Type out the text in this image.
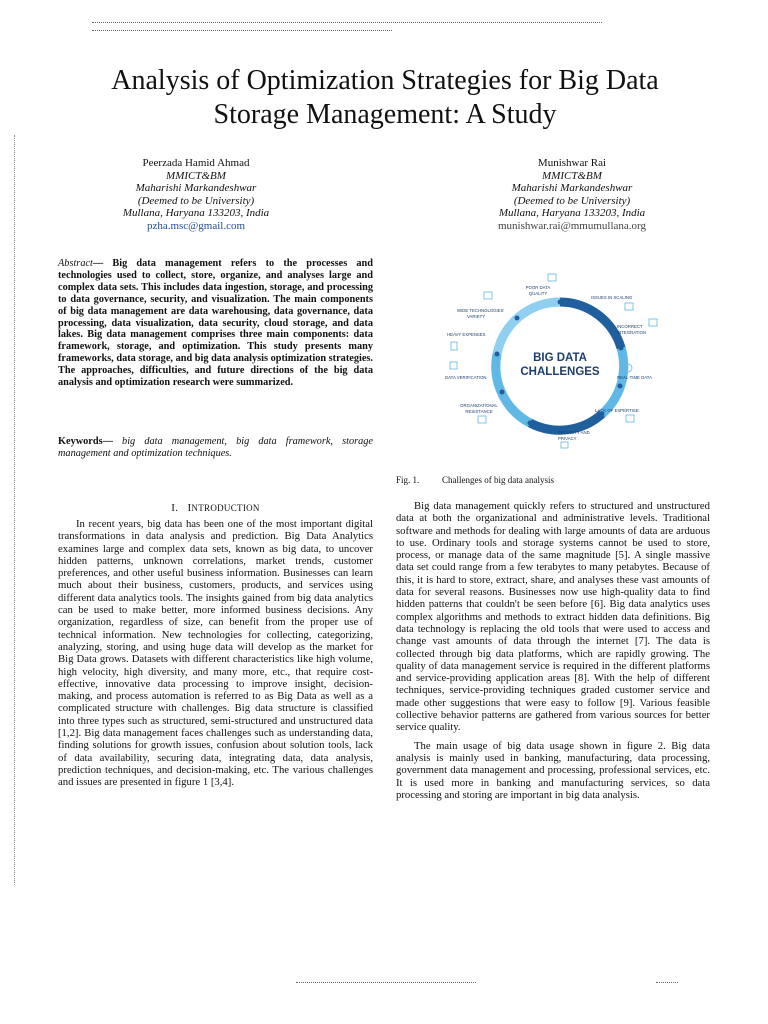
Analysis of Optimization Strategies for Big Data
Storage Management: A Study
Peerzada Hamid Ahmad
MMICT&BM
Maharishi Markandeshwar
(Deemed to be University)
Mullana, Haryana 133203, India
pzha.msc@gmail.com
Munishwar Rai
MMICT&BM
Maharishi Markandeshwar
(Deemed to be University)
Mullana, Haryana 133203, India
munishwar.rai@mmumullana.org

Abstract— Big data management refers to the processes and technologies used to collect, store, organize, and analyses large and complex data sets. This includes data ingestion, storage, and processing to data governance, security, and visualization. The main components of big data management are data warehousing, data governance, data processing, data visualization, data security, cloud storage, and data lakes. Big data management comprises three main components: data framework, storage, and optimization. This study presents many frameworks, data storage, and big data analysis optimization strategies. The approaches, difficulties, and future directions of the big data analysis and optimization research were summarized.

Keywords— big data management, big data framework, storage management and optimization techniques.

I. INTRODUCTION

In recent years, big data has been one of the most important digital transformations in data analysis and prediction. Big Data Analytics examines large and complex data sets, known as big data, to uncover hidden patterns, unknown correlations, market trends, customer preferences, and other useful business information. Businesses can learn much about their business, customers, products, and services using different data analytics tools. The insights gained from big data analytics can be used to make better, more informed business decisions. Any organization, regardless of size, can benefit from the proper use of technical information. New technologies for collecting, categorizing, analyzing, storing, and using huge data will develop as the market for Big Data grows. Datasets with different characteristics like high volume, high velocity, high diversity, and many more, etc., that require cost-effective, innovative data processing to improve insight, decision-making, and process automation is referred to as Big Data as well as a complicated structure with challenges. Big data structure is classified into three types such as structured, semi-structured and unstructured data [1,2]. Big data management faces challenges such as understanding data, finding solutions for growth issues, confusion about solution tools, lack of data availability, securing data, integrating data, data analysis, prediction techniques, and decision-making, etc. The various challenges and issues are presented in figure 1 [3,4].

BIG DATA
CHALLENGES
POOR DATA
QUALITY
ISSUES IN SCALING
INCORRECT
INTEGRATION
REAL-TIME DATA
LACK OF EXPERTISE
SECURITY AND
PRIVACY
ORGANIZATIONAL
RESISTANCE
DATA VERIFICATION
HEAVY EXPENSES
WIDE TECHNOLOGIES'
VARIETY
Fig. 1.	Challenges of big data analysis

Big data management quickly refers to structured and unstructured data at both the organizational and administrative levels. Traditional software and methods for dealing with large amounts of data are arduous to use. Ordinary tools and storage systems cannot be used to store, process, or manage data of the same magnitude [5]. A single massive data set could range from a few terabytes to many petabytes. Because of this, it is hard to store, extract, share, and analyses these vast amounts of data for several reasons. Businesses now use high-quality data to find hidden patterns that couldn't be seen before [6]. Big data analytics uses complex algorithms and methods to extract hidden data definitions. Big data technology is replacing the old tools that were used to access and change vast amounts of data through the internet [7]. The data is collected through big data platforms, which are rapidly growing. The quality of data management service is required in the different platforms and service-providing application areas [8]. With the help of different techniques, service-providing techniques graded customer service and made other suggestions that were easy to follow [9]. Various feasible collective behavior patterns are gathered from various sources for better service quality.

The main usage of big data usage shown in figure 2. Big data analysis is mainly used in banking, manufacturing, data processing, government data management and processing, professional services, etc. It is used more in banking and manufacturing services, so data processing and storing are important in big data analysis.
